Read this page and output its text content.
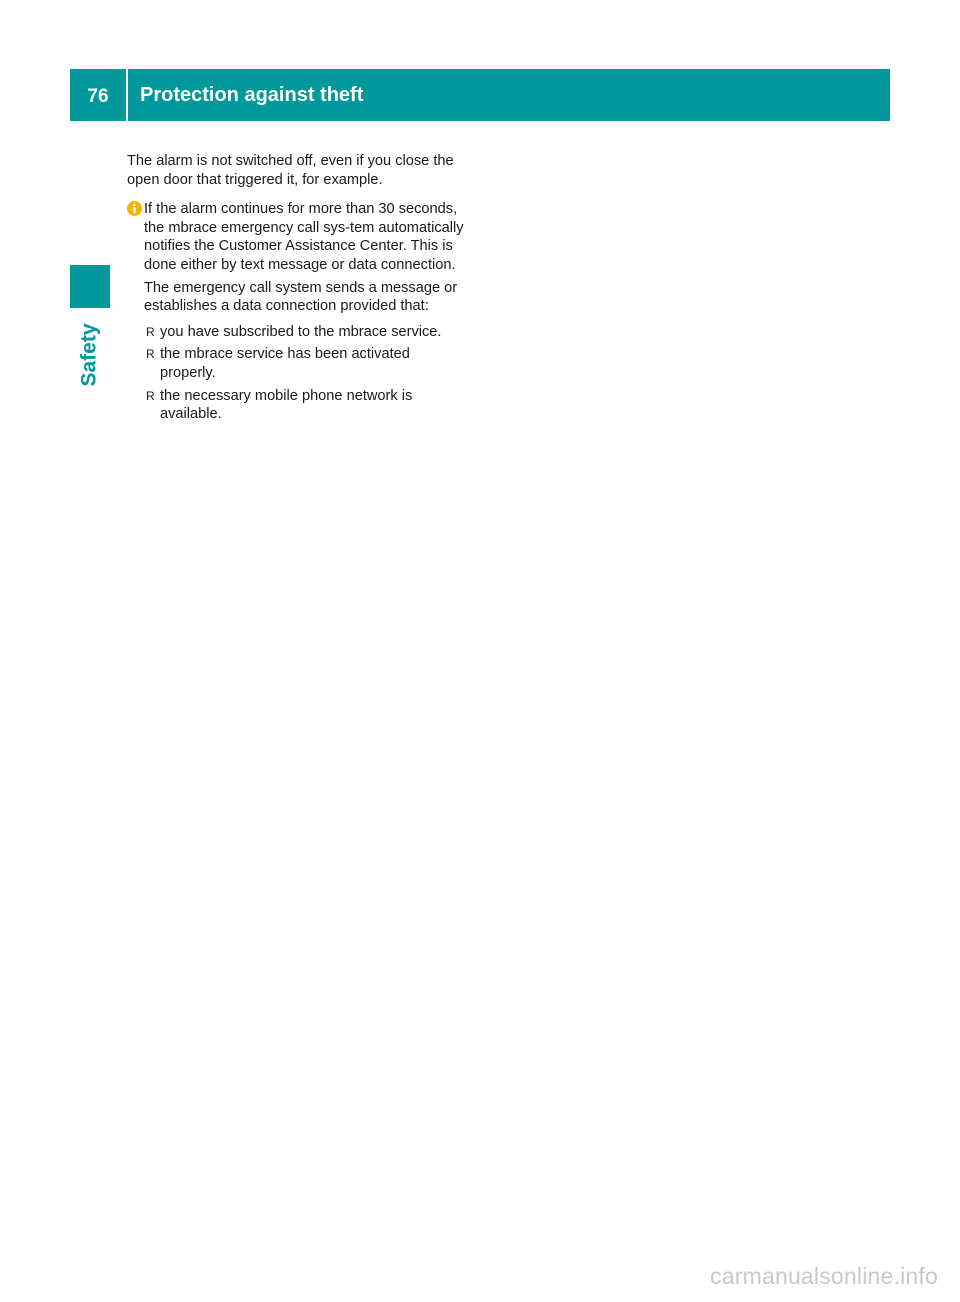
76	Protection against theft
Safety

The alarm is not switched off, even if you close the open door that triggered it, for example.

If the alarm continues for more than 30 seconds, the mbrace emergency call sys-tem automatically notifies the Customer Assistance Center. This is done either by text message or data connection.

The emergency call system sends a message or establishes a data connection provided that:

R you have subscribed to the mbrace service.
R the mbrace service has been activated properly.
R the necessary mobile phone network is available.
carmanualsonline.info
